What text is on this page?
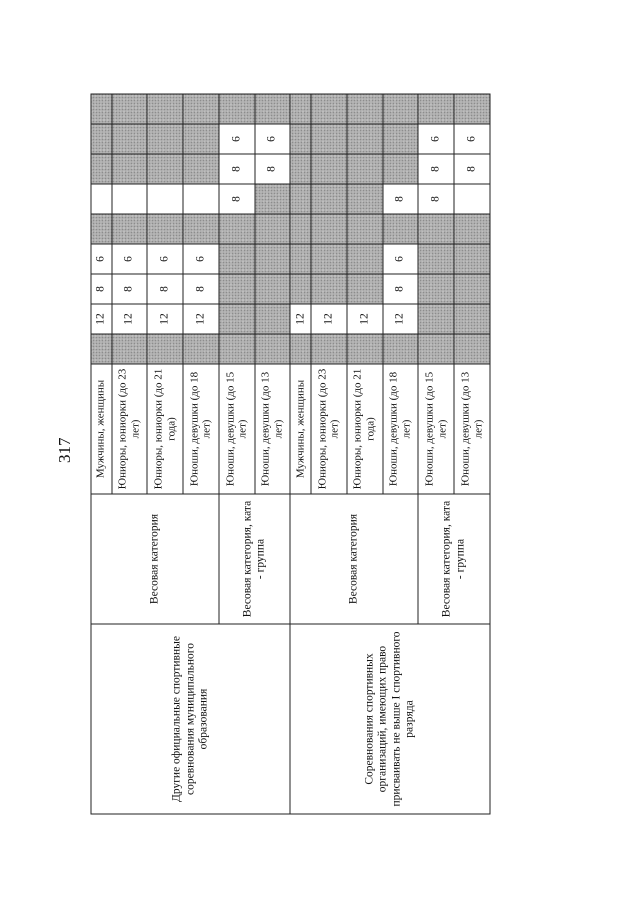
317
Другие официальные спортивные соревнования муниципального образования	Весовая категория	Мужчины, женщины		12	8	6					
		Юниоры, юниорки (до 23 лет)		12	8	6					
		Юниоры, юниорки (до 21 года)		12	8	6					
		Юноши, девушки (до 18 лет)		12	8	6					
	Весовая категория, ката - группа	Юноши, девушки (до 15 лет)						8	8	6	
		Юноши, девушки (до 13 лет)							8	6	
Соревнования спортивных организаций, имеющих право присваивать не выше I спортивного разряда	Весовая категория	Мужчины, женщины		12							
		Юниоры, юниорки (до 23 лет)		12							
		Юниоры, юниорки (до 21 года)		12							
		Юноши, девушки (до 18 лет)		12	8	6		8			
	Весовая категория, ката - группа	Юноши, девушки (до 15 лет)						8	8	6	
		Юноши, девушки (до 13 лет)							8	6	
